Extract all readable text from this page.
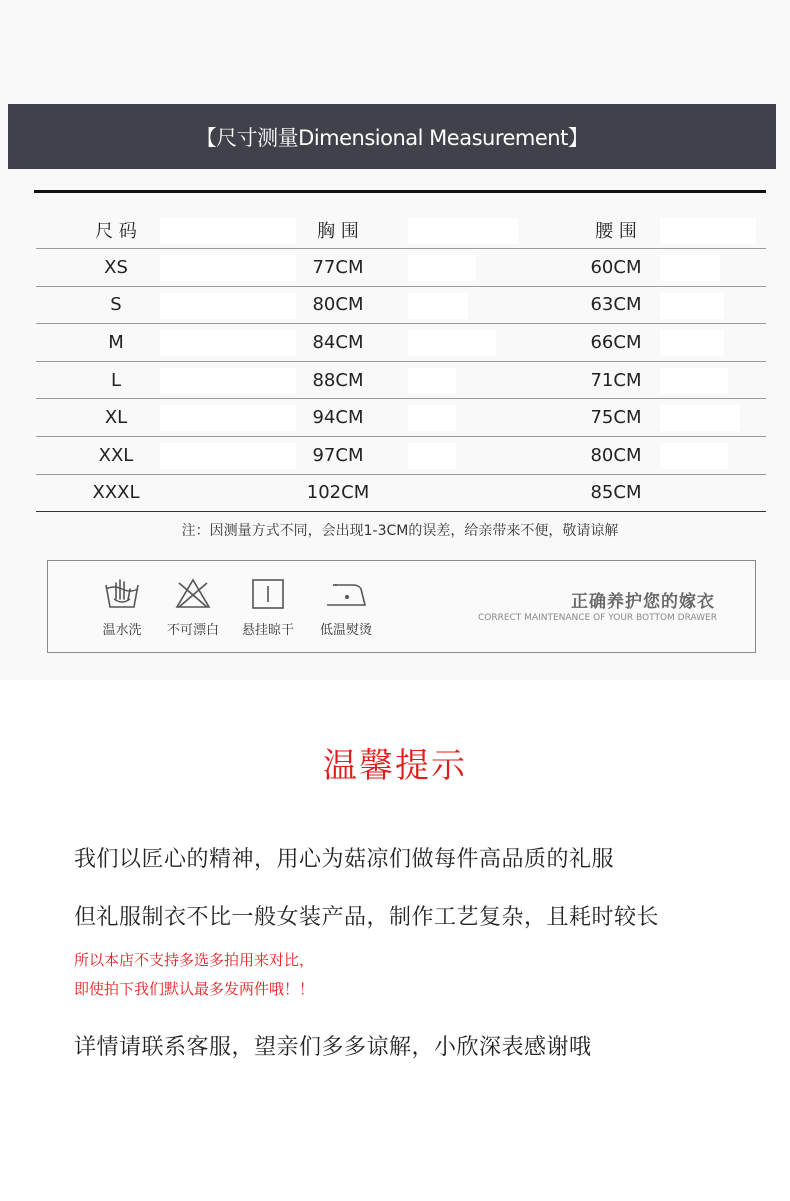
【尺寸测量Dimensional Measurement】
尺 码	胸 围	腰 围
XS	77CM	60CM
S	80CM	63CM
M	84CM	66CM
L	88CM	71CM
XL	94CM	75CM
XXL	97CM	80CM
XXXL	102CM	85CM
注：因测量方式不同，会出现1-3CM的误差，给亲带来不便，敬请谅解
温水洗	不可漂白	悬挂晾干	低温熨烫
正确养护您的嫁衣
CORRECT MAINTENANCE OF YOUR BOTTOM DRAWER
温馨提示
我们以匠心的精神，用心为菇凉们做每件高品质的礼服
但礼服制衣不比一般女装产品，制作工艺复杂，且耗时较长
所以本店不支持多选多拍用来对比，
即使拍下我们默认最多发两件哦！！
详情请联系客服，望亲们多多谅解，小欣深表感谢哦
